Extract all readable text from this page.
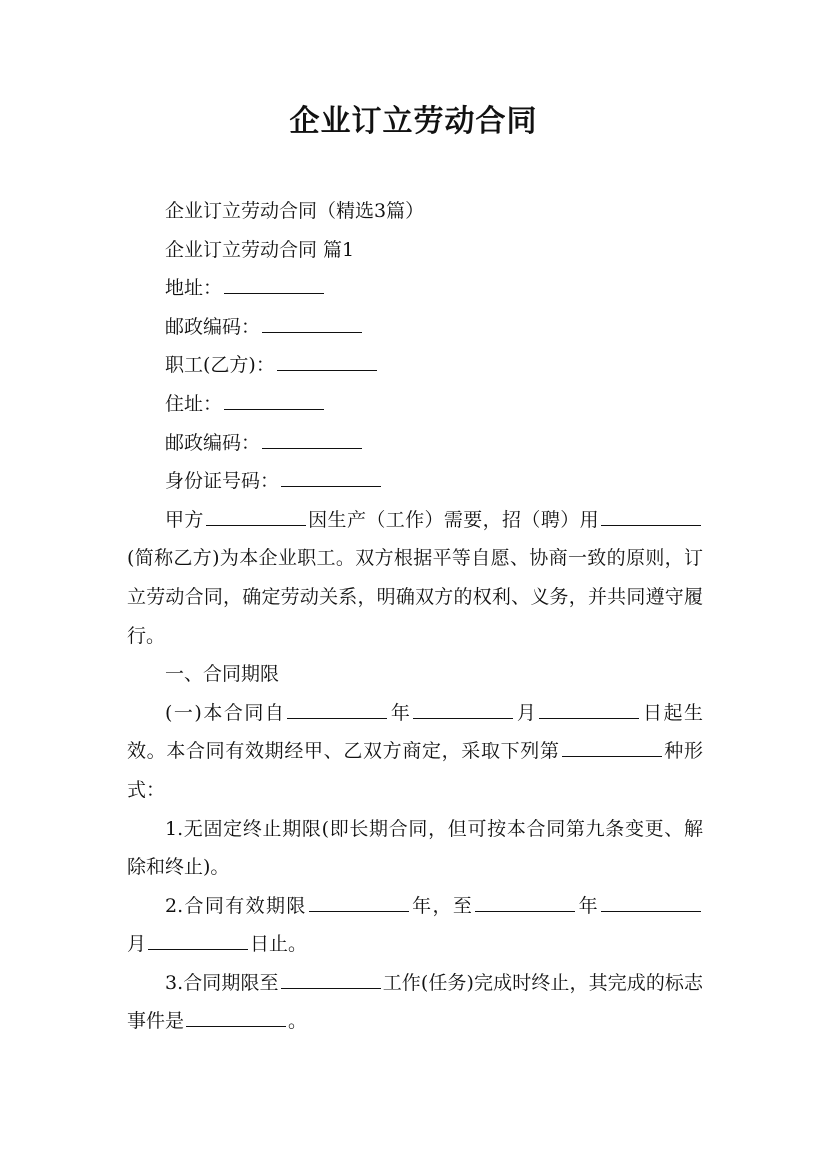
企业订立劳动合同

企业订立劳动合同（精选3篇）

企业订立劳动合同 篇1

地址：

邮政编码：

职工(乙方)：

住址：

邮政编码：

身份证号码：

甲方	因生产（工作）需要，招（聘）用(简称乙方)为本企业职工。双方根据平等自愿、协商一致的原则，订立劳动合同，确定劳动关系，明确双方的权利、义务，并共同遵守履行。

一、合同期限

(一)本合同自	年	月	日起生效。本合同有效期经甲、乙双方商定，采取下列第	种形式：

1.无固定终止期限(即长期合同，但可按本合同第九条变更、解除和终止)。

2.合同有效期限	年，至	年月	日止。

3.合同期限至	工作(任务)完成时终止，其完成的标志事件是	。
